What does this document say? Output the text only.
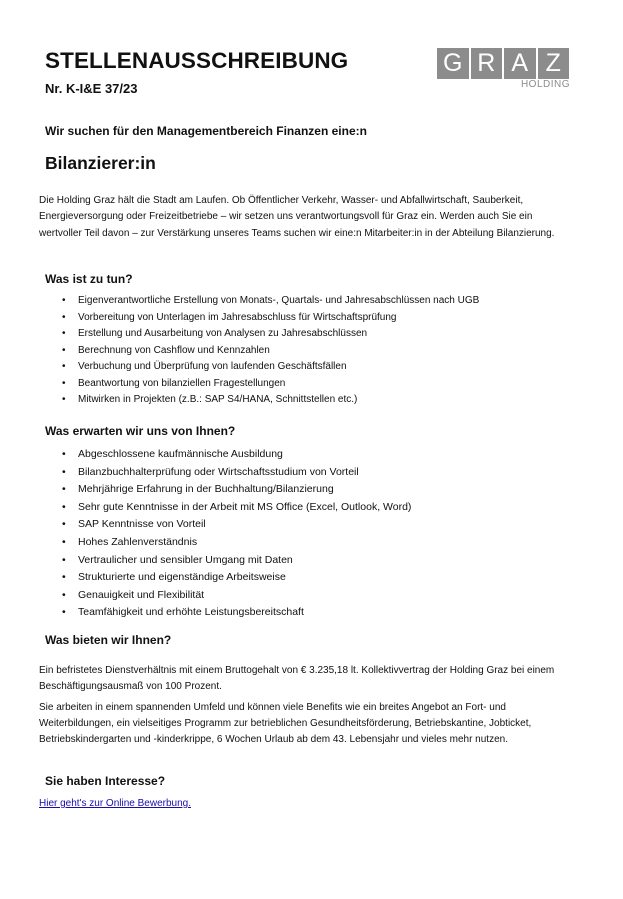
STELLENAUSSCHREIBUNG
Nr. K-I&E 37/23
G R A Z
HOLDING
Wir suchen für den Managementbereich Finanzen eine:n
Bilanzierer:in

Die Holding Graz hält die Stadt am Laufen. Ob Öffentlicher Verkehr, Wasser- und Abfallwirtschaft, Sauberkeit, Energieversorgung oder Freizeitbetriebe – wir setzen uns verantwortungsvoll für Graz ein. Werden auch Sie ein wertvoller Teil davon – zur Verstärkung unseres Teams suchen wir eine:n Mitarbeiter:in in der Abteilung Bilanzierung.

Was ist zu tun?
• Eigenverantwortliche Erstellung von Monats-, Quartals- und Jahresabschlüssen nach UGB
• Vorbereitung von Unterlagen im Jahresabschluss für Wirtschaftsprüfung
• Erstellung und Ausarbeitung von Analysen zu Jahresabschlüssen
• Berechnung von Cashflow und Kennzahlen
• Verbuchung und Überprüfung von laufenden Geschäftsfällen
• Beantwortung von bilanziellen Fragestellungen
• Mitwirken in Projekten (z.B.: SAP S4/HANA, Schnittstellen etc.)
Was erwarten wir uns von Ihnen?
• Abgeschlossene kaufmännische Ausbildung
• Bilanzbuchhalterprüfung oder Wirtschaftsstudium von Vorteil
• Mehrjährige Erfahrung in der Buchhaltung/Bilanzierung
• Sehr gute Kenntnisse in der Arbeit mit MS Office (Excel, Outlook, Word)
• SAP Kenntnisse von Vorteil
• Hohes Zahlenverständnis
• Vertraulicher und sensibler Umgang mit Daten
• Strukturierte und eigenständige Arbeitsweise
• Genauigkeit und Flexibilität
• Teamfähigkeit und erhöhte Leistungsbereitschaft
Was bieten wir Ihnen?

Ein befristetes Dienstverhältnis mit einem Bruttogehalt von € 3.235,18 lt. Kollektivvertrag der Holding Graz bei einem Beschäftigungsausmaß von 100 Prozent.

Sie arbeiten in einem spannenden Umfeld und können viele Benefits wie ein breites Angebot an Fort- und Weiterbildungen, ein vielseitiges Programm zur betrieblichen Gesundheitsförderung, Betriebskantine, Jobticket, Betriebskindergarten und -kinderkrippe, 6 Wochen Urlaub ab dem 43. Lebensjahr und vieles mehr nutzen.

Sie haben Interesse?
Hier geht's zur Online Bewerbung.
